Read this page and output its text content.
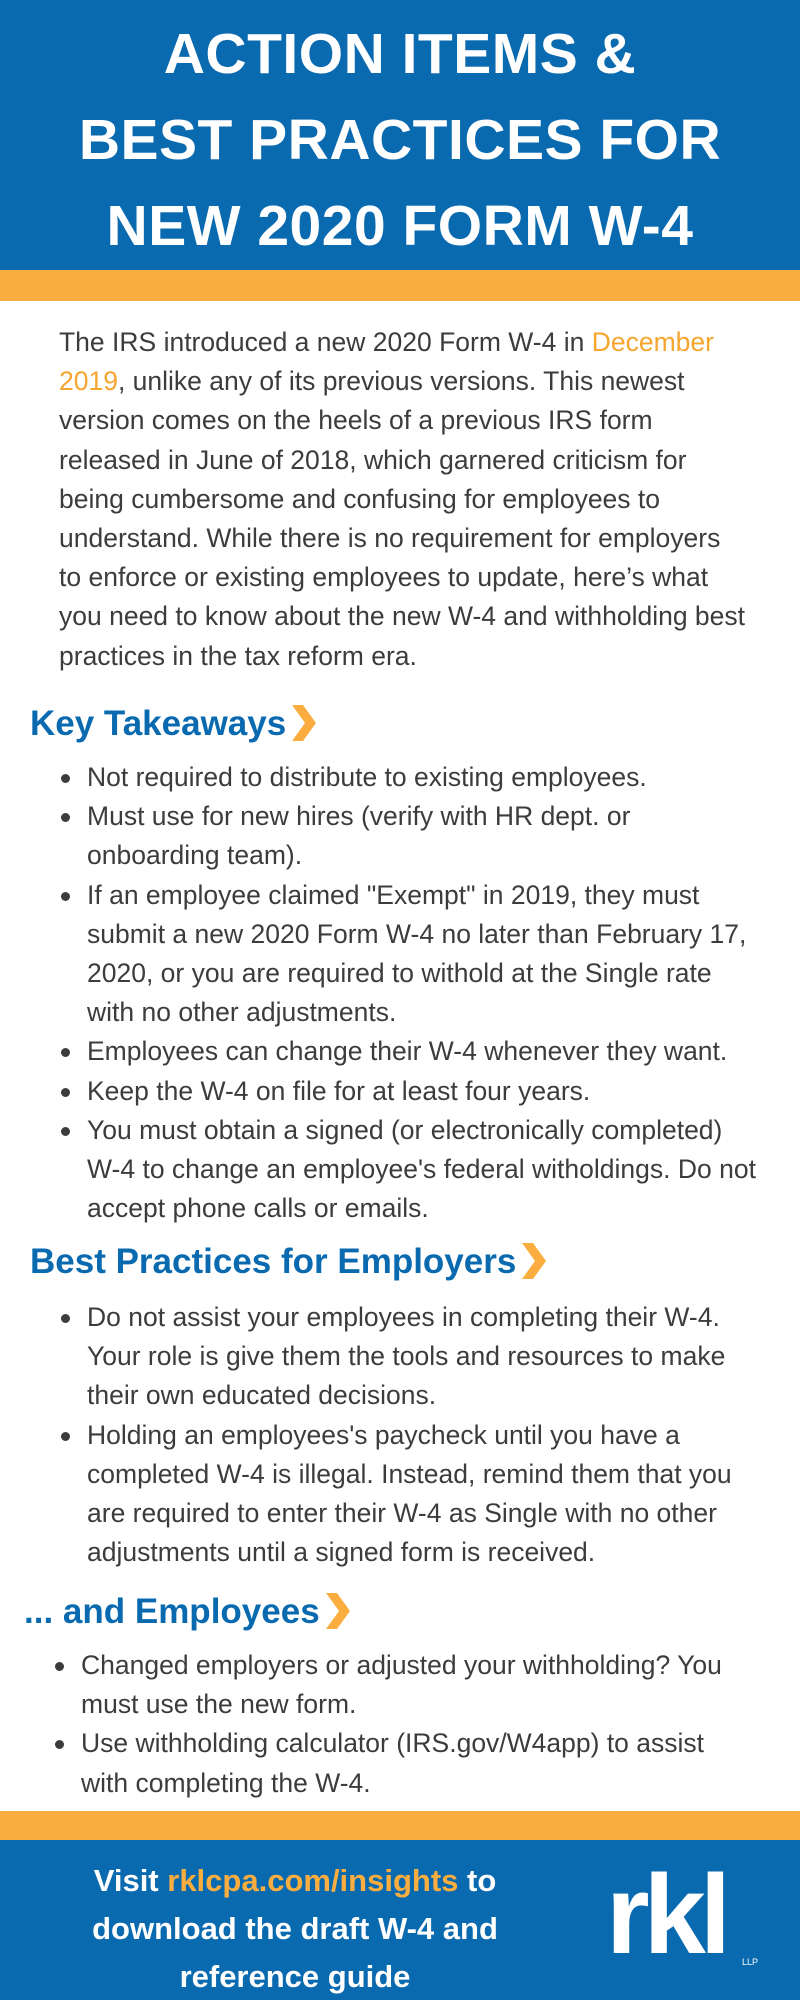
ACTION ITEMS &
BEST PRACTICES FOR
NEW 2020 FORM W-4

The IRS introduced a new 2020 Form W-4 in December 2019, unlike any of its previous versions. This newest version comes on the heels of a previous IRS form released in June of 2018, which garnered criticism for being cumbersome and confusing for employees to understand. While there is no requirement for employers to enforce or existing employees to update, here’s what you need to know about the new W-4 and withholding best practices in the tax reform era.

Key Takeaways
Not required to distribute to existing employees.
Must use for new hires (verify with HR dept. or onboarding team).
If an employee claimed "Exempt" in 2019, they must submit a new 2020 Form W-4 no later than February 17, 2020, or you are required to withold at the Single rate with no other adjustments.
Employees can change their W-4 whenever they want.
Keep the W-4 on file for at least four years.
You must obtain a signed (or electronically completed) W-4 to change an employee's federal witholdings. Do not accept phone calls or emails.
Best Practices for Employers
Do not assist your employees in completing their W-4. Your role is give them the tools and resources to make their own educated decisions.
Holding an employees's paycheck until you have a completed W-4 is illegal. Instead, remind them that you are required to enter their W-4 as Single with no other adjustments until a signed form is received.
... and Employees
Changed employers or adjusted your withholding? You must use the new form.
Use withholding calculator (IRS.gov/W4app) to assist with completing the W-4.
Visit rklcpa.com/insights to download the draft W-4 and reference guide	rkl LLP
